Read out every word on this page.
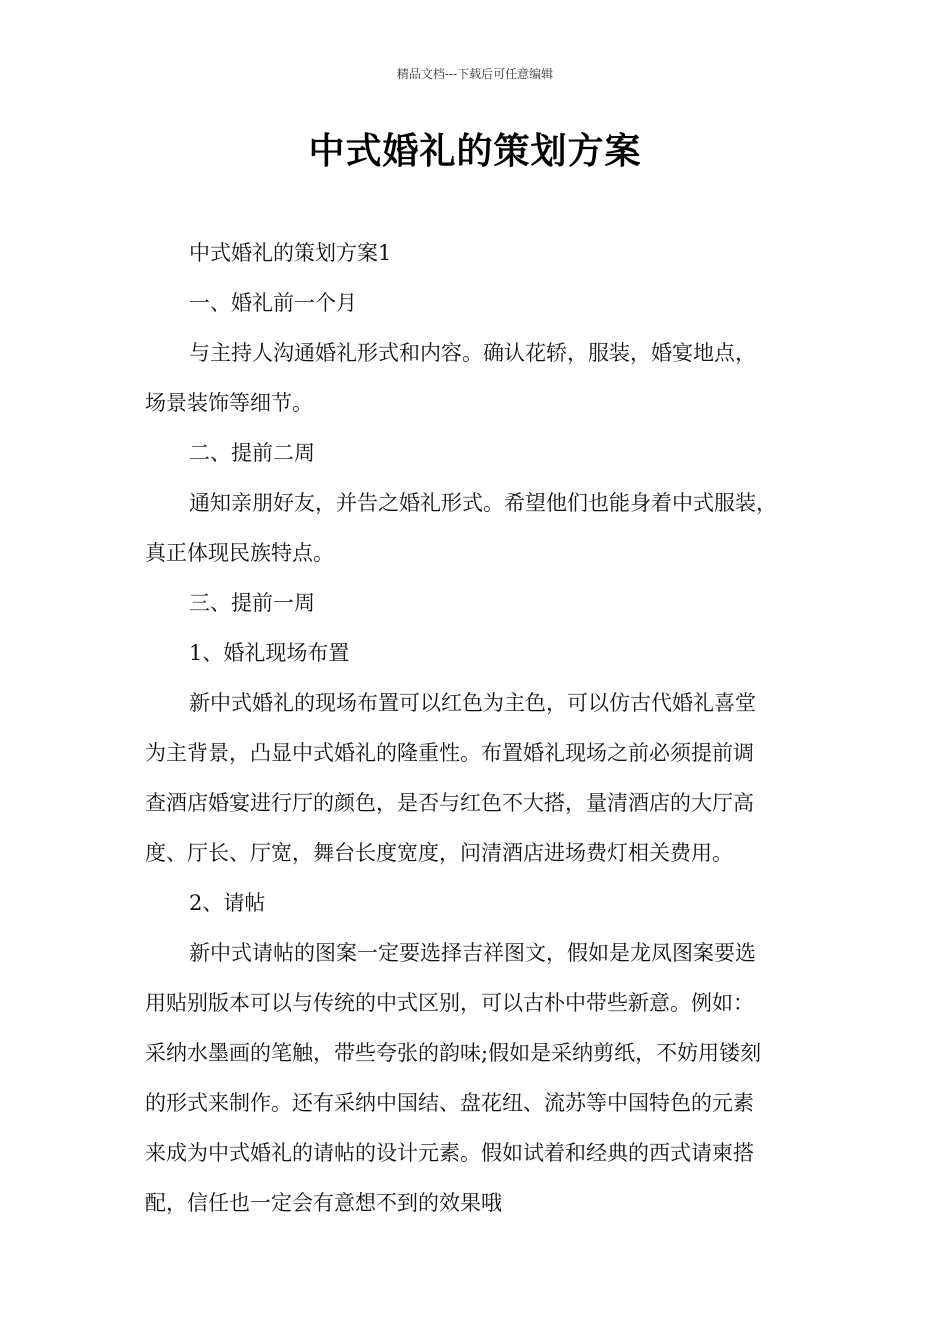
精品文档---下载后可任意编辑
中式婚礼的策划方案

中式婚礼的策划方案1

一、婚礼前一个月

与主持人沟通婚礼形式和内容。确认花轿，服装，婚宴地点，
场景装饰等细节。

二、提前二周

通知亲朋好友，并告之婚礼形式。希望他们也能身着中式服装，
真正体现民族特点。

三、提前一周

1、婚礼现场布置

新中式婚礼的现场布置可以红色为主色，可以仿古代婚礼喜堂
为主背景，凸显中式婚礼的隆重性。布置婚礼现场之前必须提前调
查酒店婚宴进行厅的颜色，是否与红色不大搭，量清酒店的大厅高
度、厅长、厅宽，舞台长度宽度，问清酒店进场费灯相关费用。

2、请帖

新中式请帖的图案一定要选择吉祥图文，假如是龙凤图案要选
用贴别版本可以与传统的中式区别，可以古朴中带些新意。例如：
采纳水墨画的笔触，带些夸张的韵味;假如是采纳剪纸，不妨用镂刻
的形式来制作。还有采纳中国结、盘花纽、流苏等中国特色的元素
来成为中式婚礼的请帖的设计元素。假如试着和经典的西式请柬搭
配，信任也一定会有意想不到的效果哦
